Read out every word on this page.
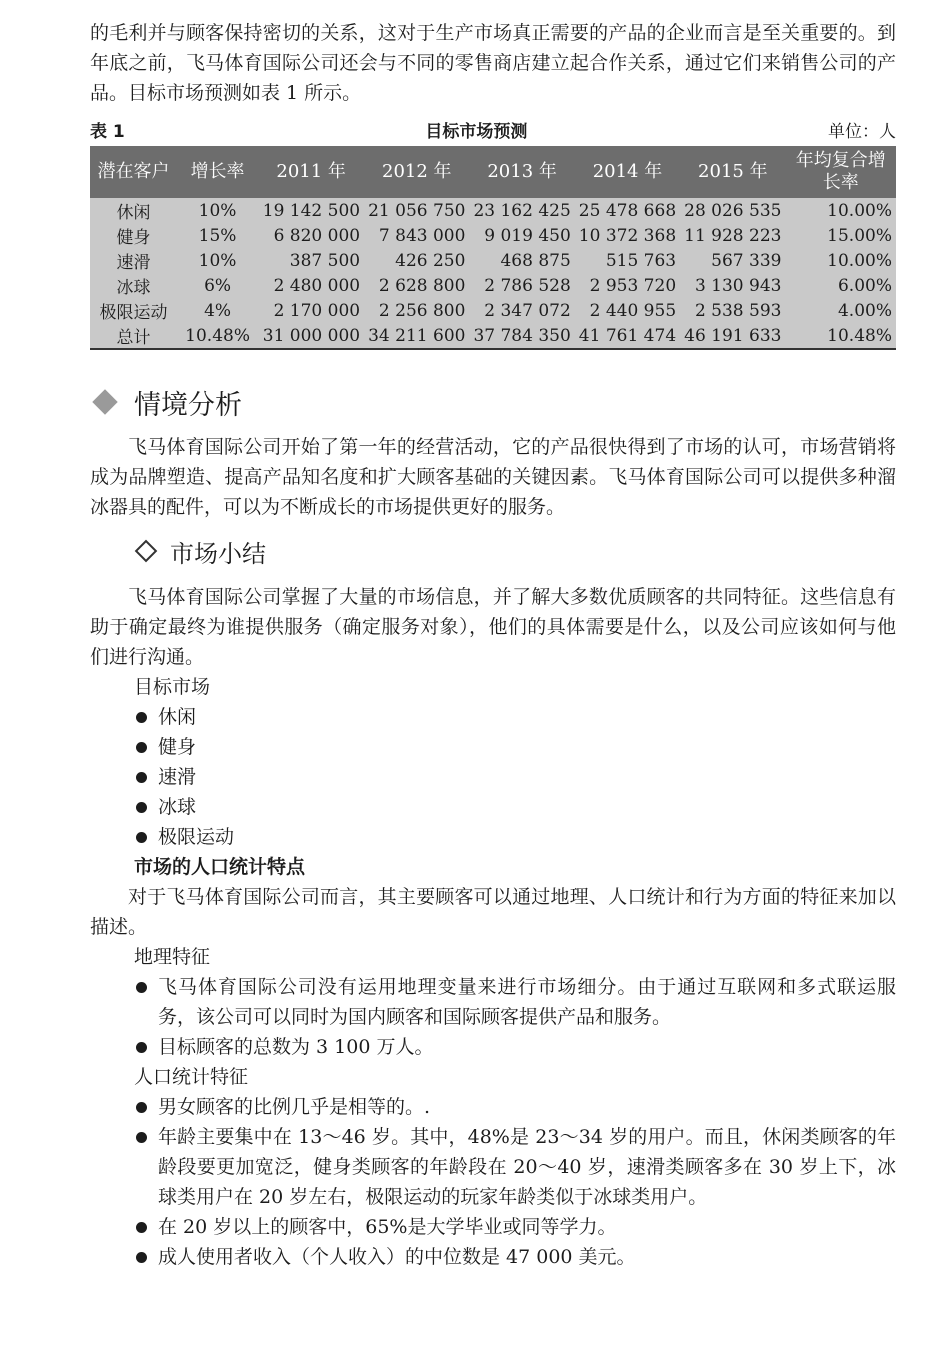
的毛利并与顾客保持密切的关系，这对于生产市场真正需要的产品的企业而言是至关重要的。到年底之前，飞马体育国际公司还会与不同的零售商店建立起合作关系，通过它们来销售公司的产品。目标市场预测如表 1 所示。

表 1	目标市场预测	单位：人
潜在客户	增长率	2011 年	2012 年	2013 年	2014 年	2015 年	年均复合增长率
休闲	10%	19 142 500	21 056 750	23 162 425	25 478 668	28 026 535	10.00%
健身	15%	6 820 000	7 843 000	9 019 450	10 372 368	11 928 223	15.00%
速滑	10%	387 500	426 250	468 875	515 763	567 339	10.00%
冰球	6%	2 480 000	2 628 800	2 786 528	2 953 720	3 130 943	6.00%
极限运动	4%	2 170 000	2 256 800	2 347 072	2 440 955	2 538 593	4.00%
总计	10.48%	31 000 000	34 211 600	37 784 350	41 761 474	46 191 633	10.48%
情境分析

飞马体育国际公司开始了第一年的经营活动，它的产品很快得到了市场的认可，市场营销将成为品牌塑造、提高产品知名度和扩大顾客基础的关键因素。飞马体育国际公司可以提供多种溜冰器具的配件，可以为不断成长的市场提供更好的服务。

市场小结

飞马体育国际公司掌握了大量的市场信息，并了解大多数优质顾客的共同特征。这些信息有助于确定最终为谁提供服务（确定服务对象），他们的具体需要是什么，以及公司应该如何与他们进行沟通。

目标市场
休闲
健身
速滑
冰球
极限运动
市场的人口统计特点

对于飞马体育国际公司而言，其主要顾客可以通过地理、人口统计和行为方面的特征来加以描述。

地理特征
飞马体育国际公司没有运用地理变量来进行市场细分。由于通过互联网和多式联运服务，该公司可以同时为国内顾客和国际顾客提供产品和服务。
目标顾客的总数为 3 100 万人。
人口统计特征
男女顾客的比例几乎是相等的。.
年龄主要集中在 13～46 岁。其中，48%是 23～34 岁的用户。而且，休闲类顾客的年龄段要更加宽泛，健身类顾客的年龄段在 20～40 岁，速滑类顾客多在 30 岁上下，冰球类用户在 20 岁左右，极限运动的玩家年龄类似于冰球类用户。
在 20 岁以上的顾客中，65%是大学毕业或同等学力。
成人使用者收入（个人收入）的中位数是 47 000 美元。
